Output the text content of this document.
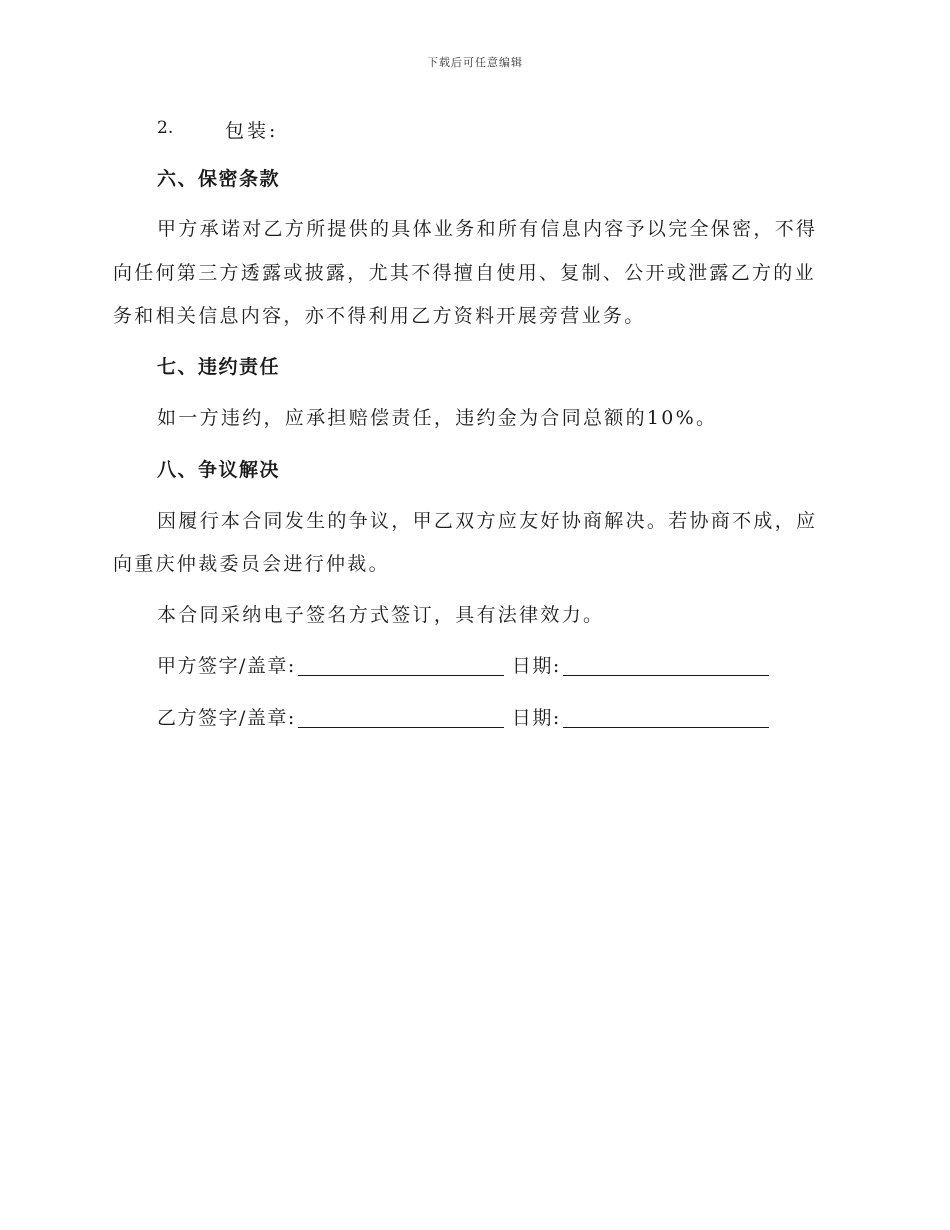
下载后可任意编辑
2.	包装:
六、保密条款
甲方承诺对乙方所提供的具体业务和所有信息内容予以完全保密，不得
向任何第三方透露或披露，尤其不得擅自使用、复制、公开或泄露乙方的业
务和相关信息内容，亦不得利用乙方资料开展旁营业务。
七、违约责任
如一方违约，应承担赔偿责任，违约金为合同总额的10%。
八、争议解决
因履行本合同发生的争议，甲乙双方应友好协商解决。若协商不成，应
向重庆仲裁委员会进行仲裁。
本合同采纳电子签名方式签订，具有法律效力。
甲方签字/盖章:	日期:
乙方签字/盖章:	日期:
